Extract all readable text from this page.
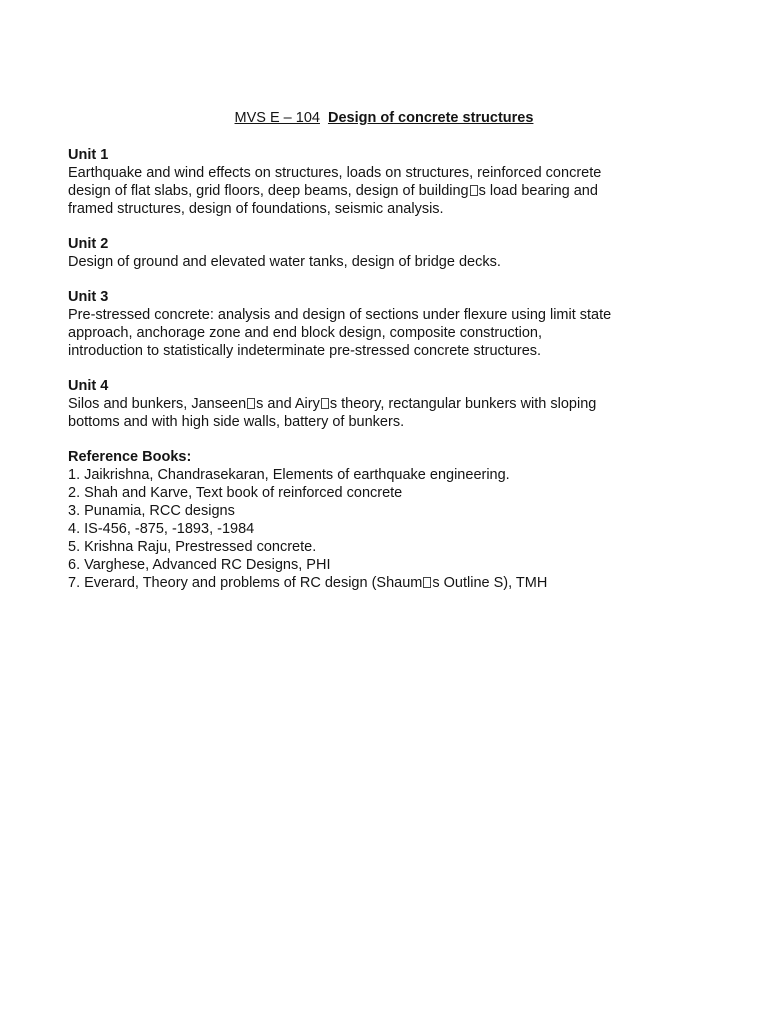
MVS E – 104 Design of concrete structures
Unit 1
Earthquake and wind effects on structures, loads on structures, reinforced concrete
design of flat slabs, grid floors, deep beams, design of building s load bearing and
framed structures, design of foundations, seismic analysis.
Unit 2
Design of ground and elevated water tanks, design of bridge decks.
Unit 3
Pre-stressed concrete: analysis and design of sections under flexure using limit state
approach, anchorage zone and end block design, composite construction,
introduction to statistically indeterminate pre-stressed concrete structures.
Unit 4
Silos and bunkers, Janseen s and Airy s theory, rectangular bunkers with sloping
bottoms and with high side walls, battery of bunkers.
Reference Books:
1. Jaikrishna, Chandrasekaran, Elements of earthquake engineering.
2. Shah and Karve, Text book of reinforced concrete
3. Punamia, RCC designs
4. IS-456, -875, -1893, -1984
5. Krishna Raju, Prestressed concrete.
6. Varghese, Advanced RC Designs, PHI
7. Everard, Theory and problems of RC design (Shaum s Outline S), TMH
